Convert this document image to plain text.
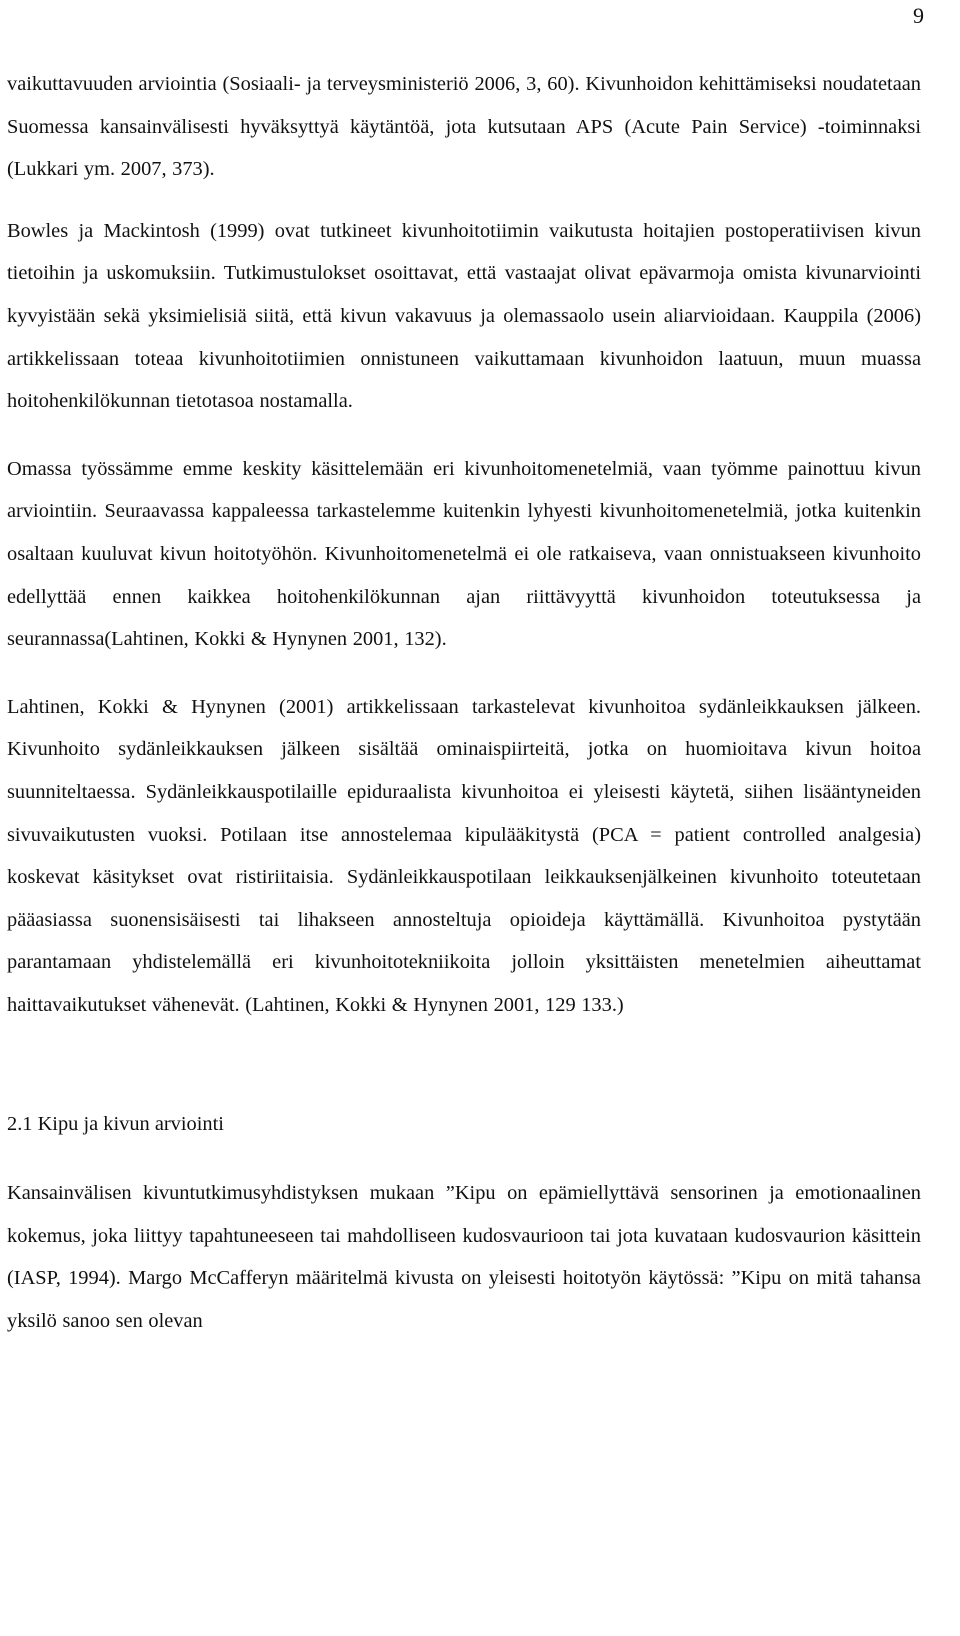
9

vaikuttavuuden arviointia (Sosiaali- ja terveysministeriö 2006, 3, 60). Kivunhoidon kehittämiseksi noudatetaan Suomessa kansainvälisesti hyväksyttyä käytäntöä, jota kutsutaan APS (Acute Pain Service) -toiminnaksi (Lukkari ym. 2007, 373).

Bowles ja Mackintosh (1999) ovat tutkineet kivunhoitotiimin vaikutusta hoitajien postoperatiivisen kivun tietoihin ja uskomuksiin. Tutkimustulokset osoittavat, että vastaajat olivat epävarmoja omista kivunarviointi kyvyistään sekä yksimielisiä siitä, että kivun vakavuus ja olemassaolo usein aliarvioidaan. Kauppila (2006) artikkelissaan toteaa kivunhoitotiimien onnistuneen vaikuttamaan kivunhoidon laatuun, muun muassa hoitohenkilökunnan tietotasoa nostamalla.

Omassa työssämme emme keskity käsittelemään eri kivunhoitomenetelmiä, vaan työmme painottuu kivun arviointiin. Seuraavassa kappaleessa tarkastelemme kuitenkin lyhyesti kivunhoitomenetelmiä, jotka kuitenkin osaltaan kuuluvat kivun hoitotyöhön. Kivunhoitomenetelmä ei ole ratkaiseva, vaan onnistuakseen kivunhoito edellyttää ennen kaikkea hoitohenkilökunnan ajan riittävyyttä kivunhoidon toteutuksessa ja seurannassa(Lahtinen, Kokki & Hynynen 2001, 132).

Lahtinen, Kokki & Hynynen (2001) artikkelissaan tarkastelevat kivunhoitoa sydänleikkauksen jälkeen. Kivunhoito sydänleikkauksen jälkeen sisältää ominaispiirteitä, jotka on huomioitava kivun hoitoa suunniteltaessa. Sydänleikkauspotilaille epiduraalista kivunhoitoa ei yleisesti käytetä, siihen lisääntyneiden sivuvaikutusten vuoksi. Potilaan itse annostelemaa kipulääkitystä (PCA = patient controlled analgesia) koskevat käsitykset ovat ristiriitaisia. Sydänleikkauspotilaan leikkauksenjälkeinen kivunhoito toteutetaan pääasiassa suonensisäisesti tai lihakseen annosteltuja opioideja käyttämällä. Kivunhoitoa pystytään parantamaan yhdistelemällä eri kivunhoitotekniikoita jolloin yksittäisten menetelmien aiheuttamat haittavaikutukset vähenevät. (Lahtinen, Kokki & Hynynen 2001, 129 133.)

2.1 Kipu ja kivun arviointi

Kansainvälisen kivuntutkimusyhdistyksen mukaan ”Kipu on epämiellyttävä sensorinen ja emotionaalinen kokemus, joka liittyy tapahtuneeseen tai mahdolliseen kudosvaurioon tai jota kuvataan kudosvaurion käsittein (IASP, 1994). Margo McCafferyn määritelmä kivusta on yleisesti hoitotyön käytössä: ”Kipu on mitä tahansa yksilö sanoo sen olevan
